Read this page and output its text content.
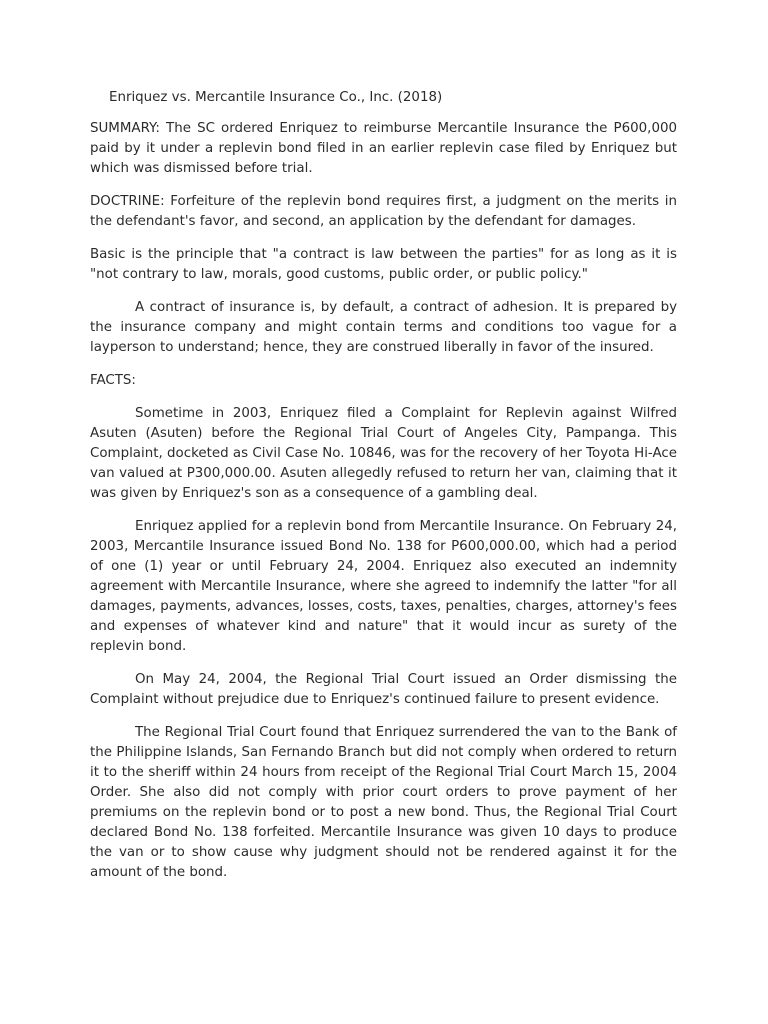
Enriquez vs. Mercantile Insurance Co., Inc. (2018)

SUMMARY: The SC ordered Enriquez to reimburse Mercantile Insurance the P600,000 paid by it under a replevin bond filed in an earlier replevin case filed by Enriquez but which was dismissed before trial.

DOCTRINE: Forfeiture of the replevin bond requires first, a judgment on the merits in the defendant's favor, and second, an application by the defendant for damages.

Basic is the principle that "a contract is law between the parties" for as long as it is "not contrary to law, morals, good customs, public order, or public policy."

A contract of insurance is, by default, a contract of adhesion. It is prepared by the insurance company and might contain terms and conditions too vague for a layperson to understand; hence, they are construed liberally in favor of the insured.

FACTS:

Sometime in 2003, Enriquez filed a Complaint for Replevin against Wilfred Asuten (Asuten) before the Regional Trial Court of Angeles City, Pampanga. This Complaint, docketed as Civil Case No. 10846, was for the recovery of her Toyota Hi-Ace van valued at P300,000.00. Asuten allegedly refused to return her van, claiming that it was given by Enriquez's son as a consequence of a gambling deal.

Enriquez applied for a replevin bond from Mercantile Insurance. On February 24, 2003, Mercantile Insurance issued Bond No. 138 for P600,000.00, which had a period of one (1) year or until February 24, 2004. Enriquez also executed an indemnity agreement with Mercantile Insurance, where she agreed to indemnify the latter "for all damages, payments, advances, losses, costs, taxes, penalties, charges, attorney's fees and expenses of whatever kind and nature" that it would incur as surety of the replevin bond.

On May 24, 2004, the Regional Trial Court issued an Order dismissing the Complaint without prejudice due to Enriquez's continued failure to present evidence.

The Regional Trial Court found that Enriquez surrendered the van to the Bank of the Philippine Islands, San Fernando Branch but did not comply when ordered to return it to the sheriff within 24 hours from receipt of the Regional Trial Court March 15, 2004 Order. She also did not comply with prior court orders to prove payment of her premiums on the replevin bond or to post a new bond. Thus, the Regional Trial Court declared Bond No. 138 forfeited. Mercantile Insurance was given 10 days to produce the van or to show cause why judgment should not be rendered against it for the amount of the bond.
